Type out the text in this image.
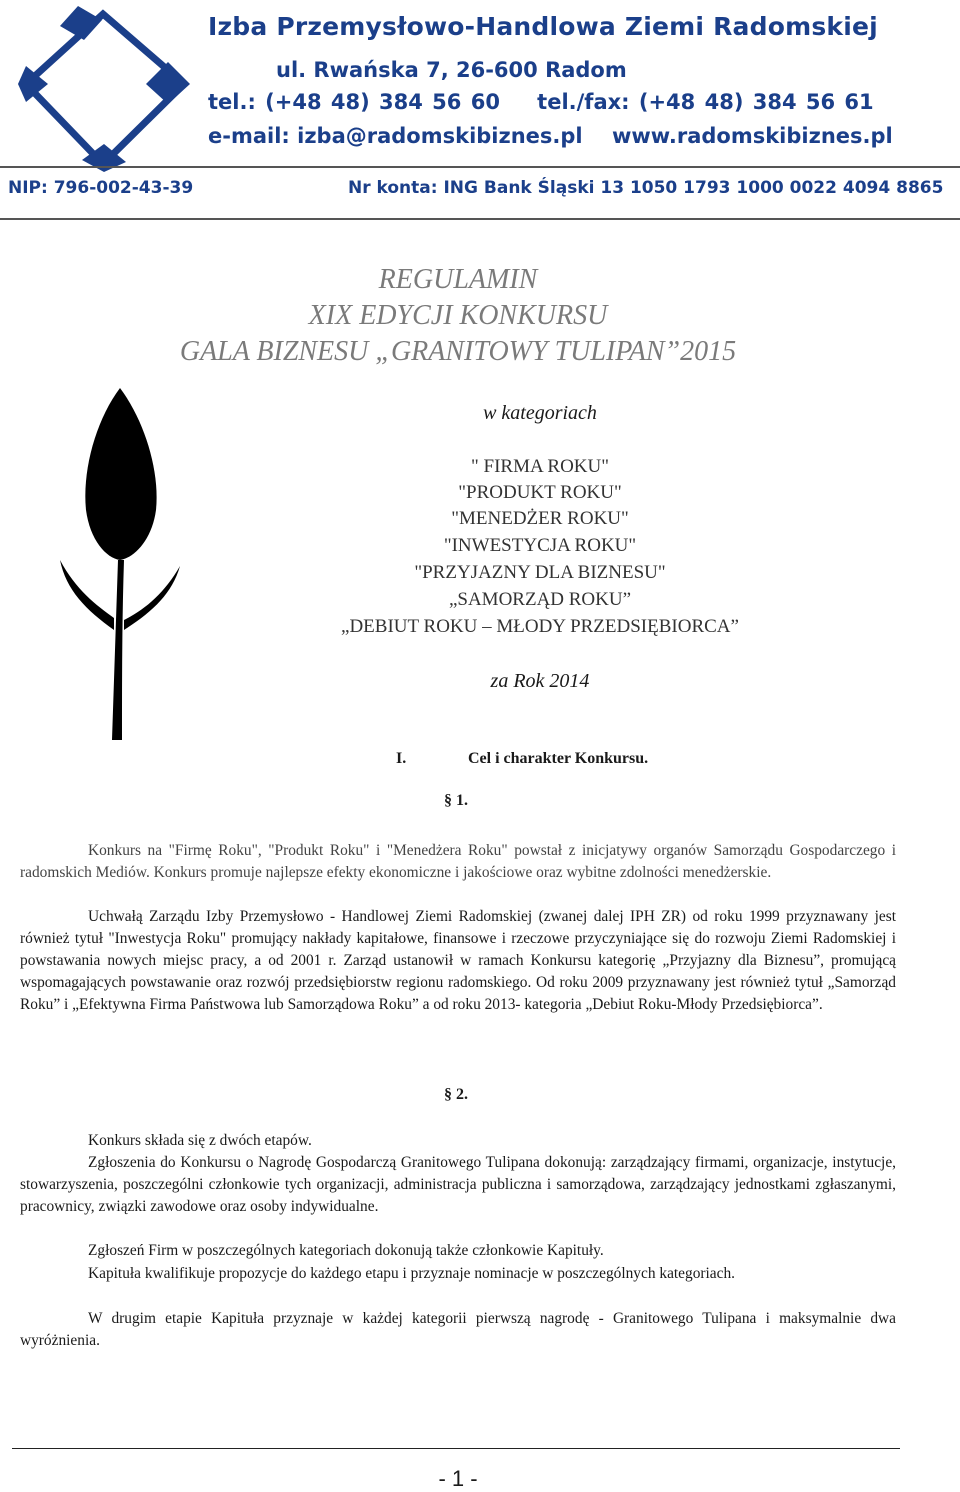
Izba Przemysłowo-Handlowa Ziemi Radomskiej
ul. Rwańska 7, 26-600 Radom
tel.: (+48 48) 384 56 60    tel./fax: (+48 48) 384 56 61
e-mail: izba@radomskibiznes.pl	www.radomskibiznes.pl
NIP: 796-002-43-39	Nr konta: ING Bank Śląski 13 1050 1793 1000 0022 4094 8865
REGULAMIN
XIX EDYCJI KONKURSU
GALA BIZNESU „GRANITOWY TULIPAN”2015
w kategoriach
" FIRMA ROKU"
"PRODUKT ROKU"
"MENEDŻER ROKU"
"INWESTYCJA ROKU"
"PRZYJAZNY DLA BIZNESU"
„SAMORZĄD ROKU”
„DEBIUT ROKU – MŁODY PRZEDSIĘBIORCA”
za Rok 2014
I.	Cel i charakter Konkursu.
§ 1.
Konkurs na "Firmę Roku", "Produkt Roku" i "Menedżera Roku" powstał z inicjatywy organów Samorządu Gospodarczego i radomskich Mediów. Konkurs promuje najlepsze efekty ekonomiczne i jakościowe oraz wybitne zdolności menedżerskie.
Uchwałą Zarządu Izby Przemysłowo - Handlowej Ziemi Radomskiej (zwanej dalej IPH ZR) od roku 1999 przyznawany jest również tytuł "Inwestycja Roku" promujący nakłady kapitałowe, finansowe i rzeczowe przyczyniające się do rozwoju Ziemi Radomskiej i powstawania nowych miejsc pracy, a od 2001 r. Zarząd ustanowił w ramach Konkursu kategorię „Przyjazny dla Biznesu”, promującą wspomagających powstawanie oraz rozwój przedsiębiorstw regionu radomskiego. Od roku 2009 przyznawany jest również tytuł „Samorząd Roku” i „Efektywna Firma Państwowa lub Samorządowa Roku” a od roku 2013- kategoria „Debiut Roku-Młody Przedsiębiorca”.
§ 2.
Konkurs składa się z dwóch etapów.
Zgłoszenia do Konkursu o Nagrodę Gospodarczą Granitowego Tulipana dokonują: zarządzający firmami, organizacje, instytucje, stowarzyszenia, poszczególni członkowie tych organizacji, administracja publiczna i samorządowa, zarządzający jednostkami zgłaszanymi, pracownicy, związki zawodowe oraz osoby indywidualne.
Zgłoszeń Firm w poszczególnych kategoriach dokonują także członkowie Kapituły.
Kapituła kwalifikuje propozycje do każdego etapu i przyznaje nominacje w poszczególnych kategoriach.
W drugim etapie Kapituła przyznaje w każdej kategorii pierwszą nagrodę - Granitowego Tulipana i maksymalnie dwa wyróżnienia.
- 1 -
